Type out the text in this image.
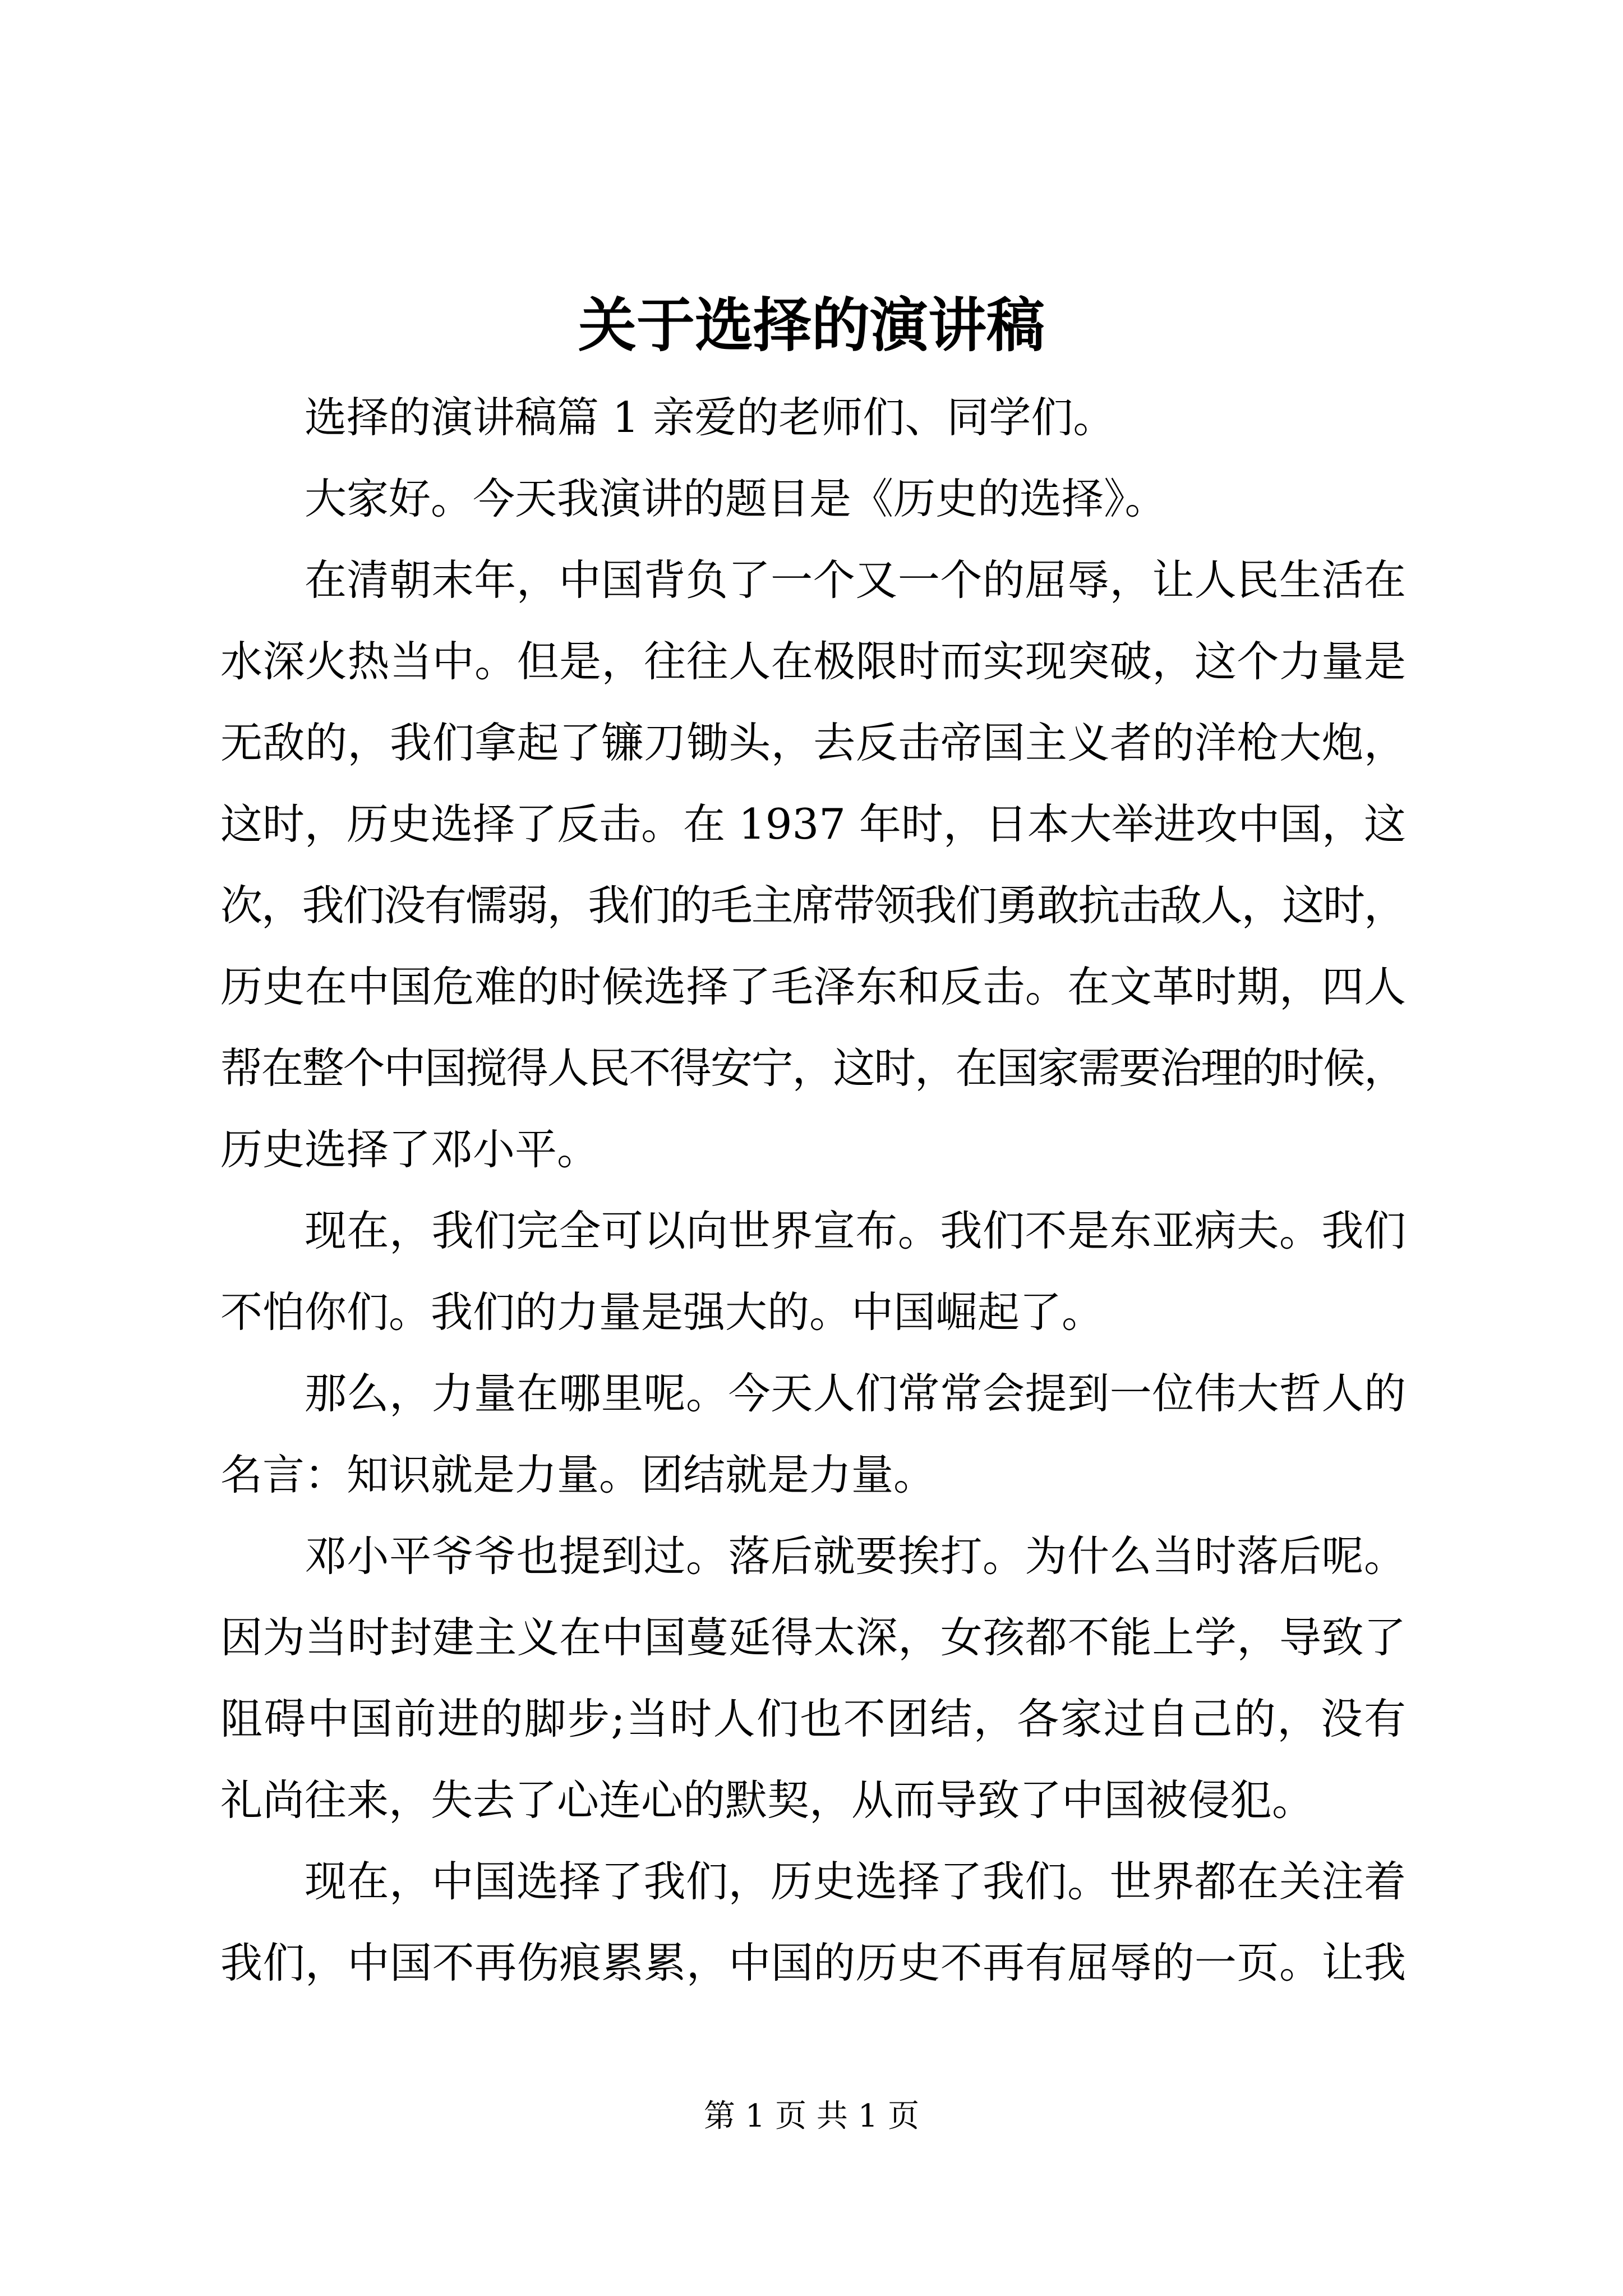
关于选择的演讲稿
选择的演讲稿篇 1 亲爱的老师们、同学们。
大家好。今天我演讲的题目是《历史的选择》。
在清朝末年，中国背负了一个又一个的屈辱，让人民生活在
水深火热当中。但是，往往人在极限时而实现突破，这个力量是
无敌的，我们拿起了镰刀锄头，去反击帝国主义者的洋枪大炮，
这时，历史选择了反击。在 1937 年时，日本大举进攻中国，这
次，我们没有懦弱，我们的毛主席带领我们勇敢抗击敌人，这时，
历史在中国危难的时候选择了毛泽东和反击。在文革时期，四人
帮在整个中国搅得人民不得安宁，这时，在国家需要治理的时候，
历史选择了邓小平。
现在，我们完全可以向世界宣布。我们不是东亚病夫。我们
不怕你们。我们的力量是强大的。中国崛起了。
那么，力量在哪里呢。今天人们常常会提到一位伟大哲人的
名言：知识就是力量。团结就是力量。
邓小平爷爷也提到过。落后就要挨打。为什么当时落后呢。
因为当时封建主义在中国蔓延得太深，女孩都不能上学，导致了
阻碍中国前进的脚步;当时人们也不团结，各家过自己的，没有
礼尚往来，失去了心连心的默契，从而导致了中国被侵犯。
现在，中国选择了我们，历史选择了我们。世界都在关注着
我们，中国不再伤痕累累，中国的历史不再有屈辱的一页。让我
第 1 页 共 1 页
